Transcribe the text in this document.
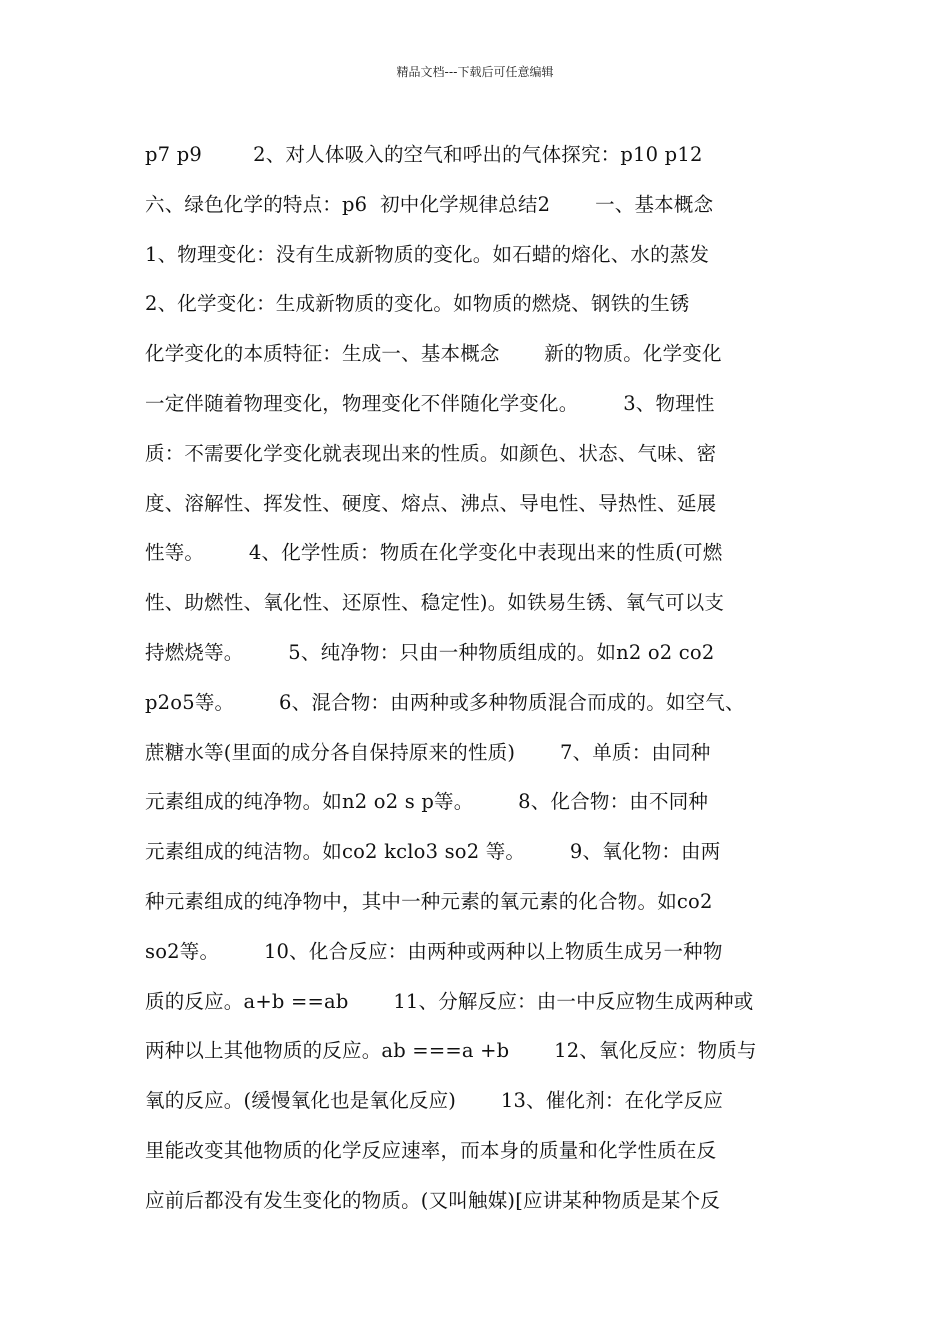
精品文档---下载后可任意编辑
p7 p9        2、对人体吸入的空气和呼出的气体探究：p10 p12
六、绿色化学的特点：p6  初中化学规律总结2       一、基本概念
1、物理变化：没有生成新物质的变化。如石蜡的熔化、水的蒸发
2、化学变化：生成新物质的变化。如物质的燃烧、钢铁的生锈
化学变化的本质特征：生成一、基本概念       新的物质。化学变化
一定伴随着物理变化，物理变化不伴随化学变化。       3、物理性
质：不需要化学变化就表现出来的性质。如颜色、状态、气味、密
度、溶解性、挥发性、硬度、熔点、沸点、导电性、导热性、延展
性等。       4、化学性质：物质在化学变化中表现出来的性质(可燃
性、助燃性、氧化性、还原性、稳定性)。如铁易生锈、氧气可以支
持燃烧等。       5、纯净物：只由一种物质组成的。如n2 o2 co2
p2o5等。       6、混合物：由两种或多种物质混合而成的。如空气、
蔗糖水等(里面的成分各自保持原来的性质)       7、单质：由同种
元素组成的纯净物。如n2 o2 s p等。       8、化合物：由不同种
元素组成的纯洁物。如co2 kclo3 so2 等。       9、氧化物：由两
种元素组成的纯净物中，其中一种元素的氧元素的化合物。如co2
so2等。       10、化合反应：由两种或两种以上物质生成另一种物
质的反应。a+b ==ab       11、分解反应：由一中反应物生成两种或
两种以上其他物质的反应。ab ===a +b       12、氧化反应：物质与
氧的反应。(缓慢氧化也是氧化反应)       13、催化剂：在化学反应
里能改变其他物质的化学反应速率，而本身的质量和化学性质在反
应前后都没有发生变化的物质。(又叫触媒)[应讲某种物质是某个反
